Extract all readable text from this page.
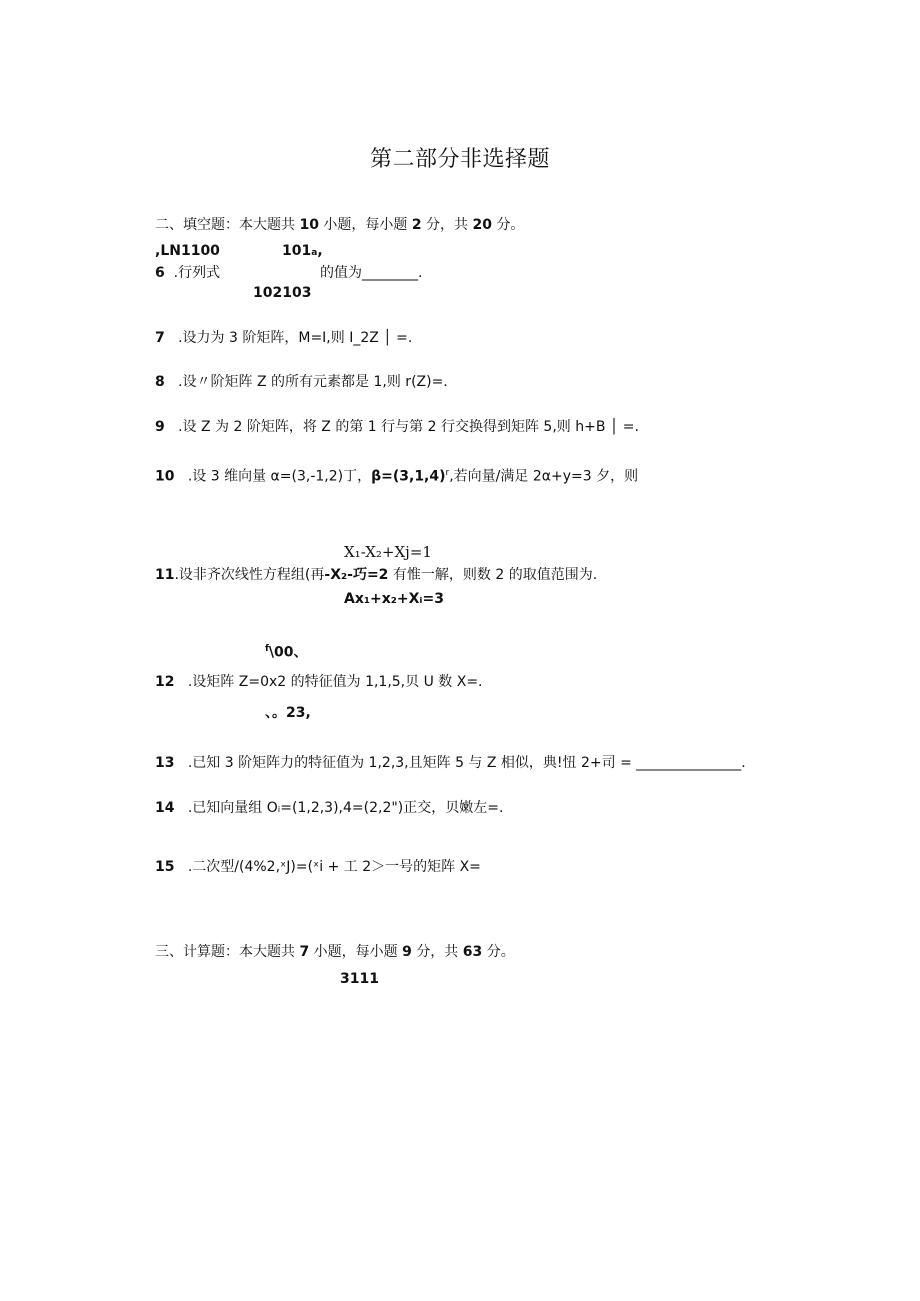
第二部分非选择题
二、填空题：本大题共 10 小题，每小题 2 分，共 20 分。
,LN1100	101a,
6 .行列式	的值为________.
102103
7 .设力为 3 阶矩阵，M=I,则 I_2Z │ =.
8 .设〃阶矩阵 Z 的所有元素都是 1,则 r(Z)=.
9 .设 Z 为 2 阶矩阵，将 Z 的第 1 行与第 2 行交换得到矩阵 5,则 h+B │ =.
10 .设 3 维向量 α=(3,-1,2)丁，$\beta=(3,1,4)^r$,若向量/满足 2α+y=3 夕，则
X₁-X₂+Xj=1
11.设非齐次线性方程组(再-X₂-巧=2 有惟一解，则数 2 的取值范围为.
Ax₁+x₂+Xᵢ=3
$^f$\00、
12 .设矩阵 Z=0x2 的特征值为 1,1,5,贝 U 数 X=.
、。23,
13 .已知 3 阶矩阵力的特征值为 1,2,3,且矩阵 5 与 Z 相似，典!忸 2+司 = _______________.
14 .已知向量组 Oᵢ=(1,2,3),4=(2,2")正交，贝嫩左=.
15 .二次型/(4%2,ˣJ)=(ˣi + 工 2＞一号的矩阵 X=
三、计算题：本大题共 7 小题，每小题 9 分，共 63 分。
3111
